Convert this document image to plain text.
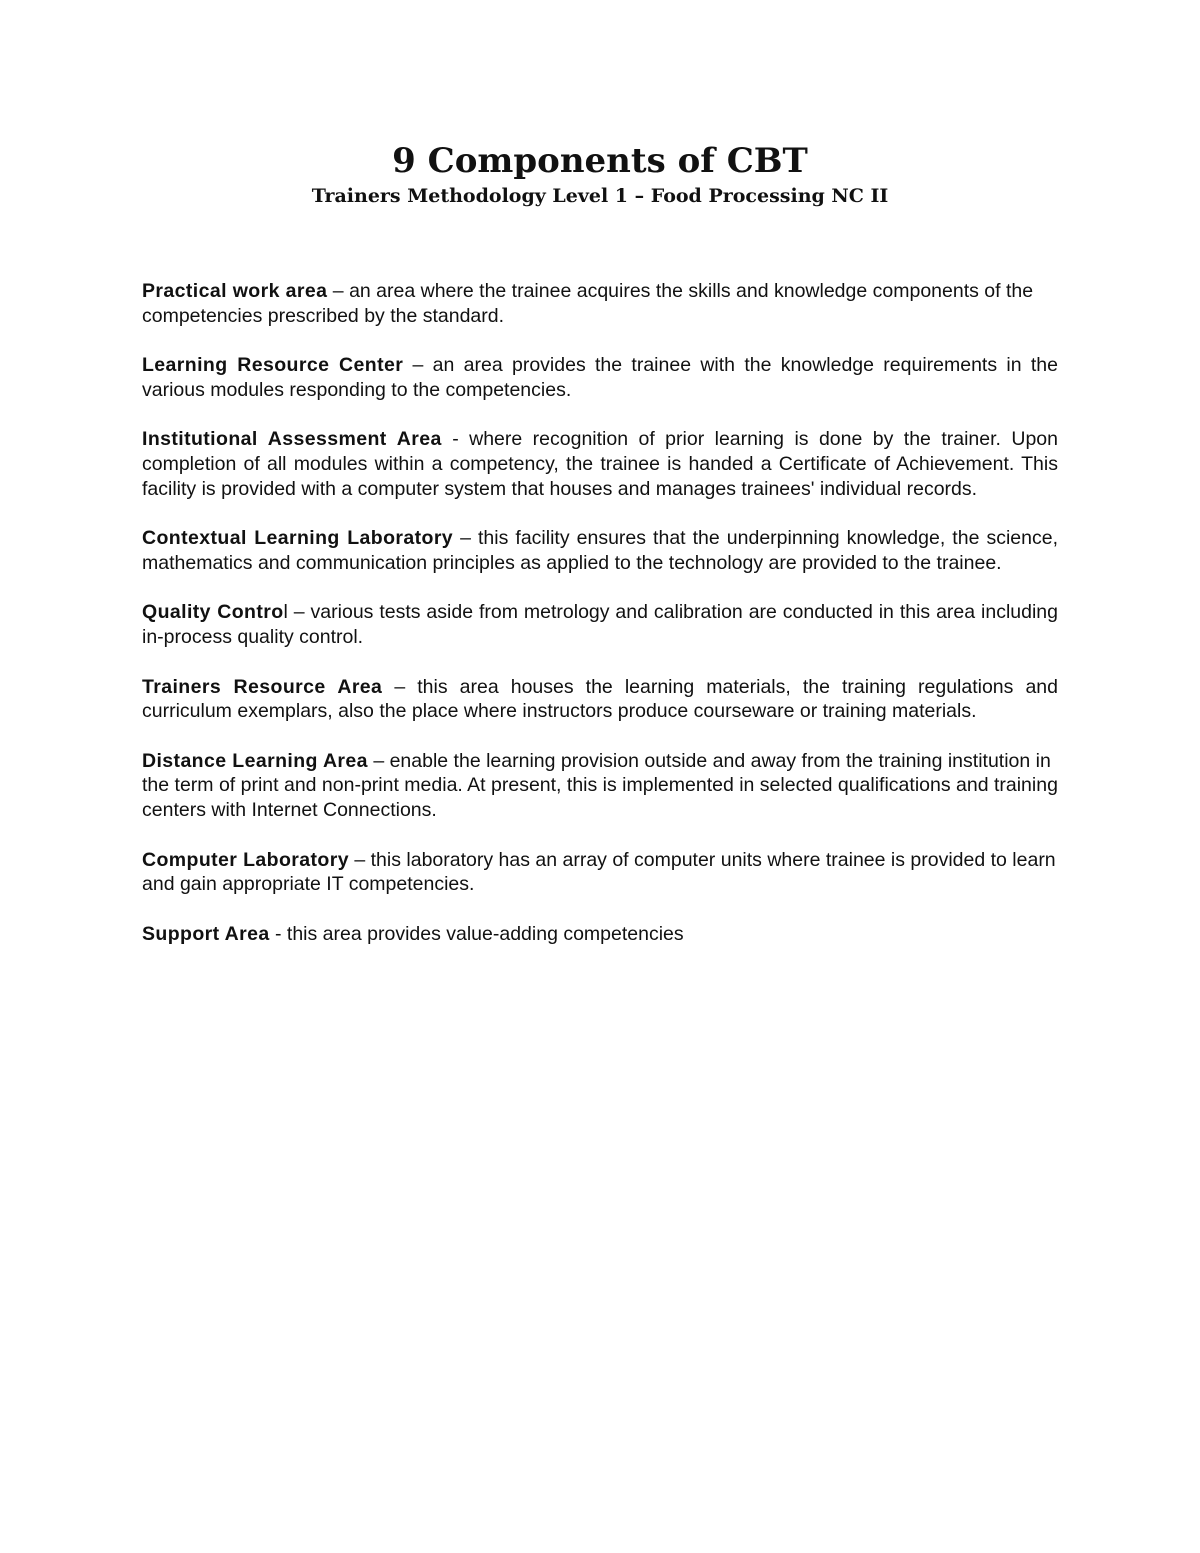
9 Components of CBT
Trainers Methodology Level 1 – Food Processing NC II

Practical work area – an area where the trainee acquires the skills and knowledge components of the competencies prescribed by the standard.

Learning Resource Center – an area provides the trainee with the knowledge requirements in the various modules responding to the competencies.

Institutional Assessment Area - where recognition of prior learning is done by the trainer. Upon completion of all modules within a competency, the trainee is handed a Certificate of Achievement. This facility is provided with a computer system that houses and manages trainees' individual records.

Contextual Learning Laboratory – this facility ensures that the underpinning knowledge, the science, mathematics and communication principles as applied to the technology are provided to the trainee.

Quality Control – various tests aside from metrology and calibration are conducted in this area including in-process quality control.

Trainers Resource Area – this area houses the learning materials, the training regulations and curriculum exemplars, also the place where instructors produce courseware or training materials.

Distance Learning Area – enable the learning provision outside and away from the training institution in the term of print and non-print media. At present, this is implemented in selected qualifications and training centers with Internet Connections.

Computer Laboratory – this laboratory has an array of computer units where trainee is provided to learn and gain appropriate IT competencies.

Support Area - this area provides value-adding competencies
